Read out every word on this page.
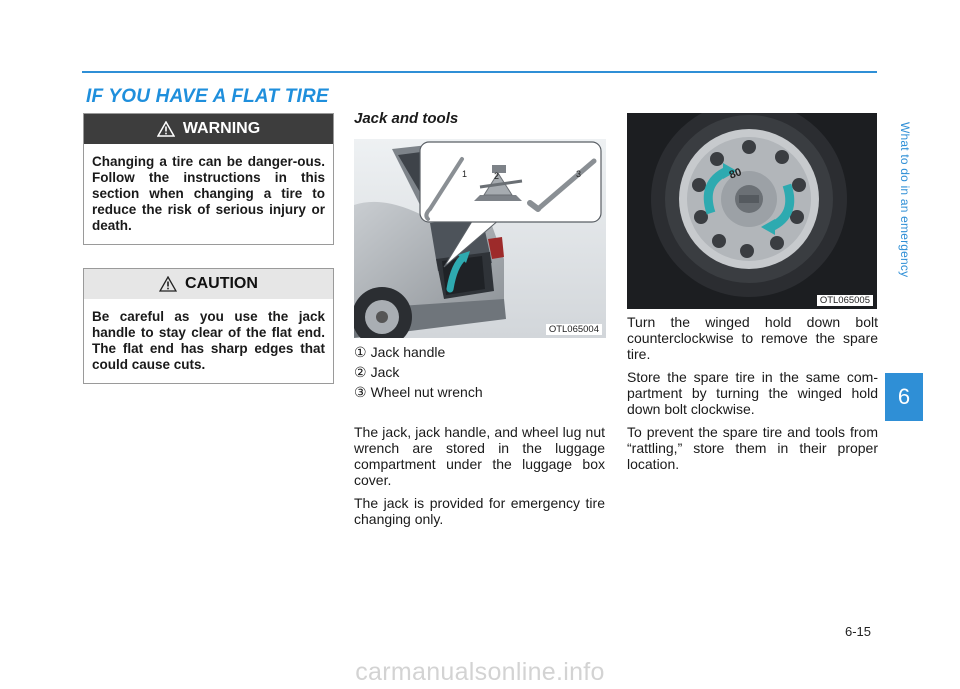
IF YOU HAVE A FLAT TIRE
WARNING
Changing a tire can be danger-ous. Follow the instructions in this section when changing a tire to reduce the risk of serious injury or death.
CAUTION
Be careful as you use the jack handle to stay clear of the flat end. The flat end has sharp edges that could cause cuts.
Jack and tools
1	2	3
OTL065004
① Jack handle
② Jack
③ Wheel nut wrench

The jack, jack handle, and wheel lug nut wrench are stored in the luggage compartment under the luggage box cover.

The jack is provided for emergency tire changing only.

80
OTL065005

Turn the winged hold down bolt counterclockwise to remove the spare tire.

Store the spare tire in the same com-partment by turning the winged hold down bolt clockwise.

To prevent the spare tire and tools from “rattling,” store them in their proper location.

What to do in an emergency
6
6-15
carmanualsonline.info
